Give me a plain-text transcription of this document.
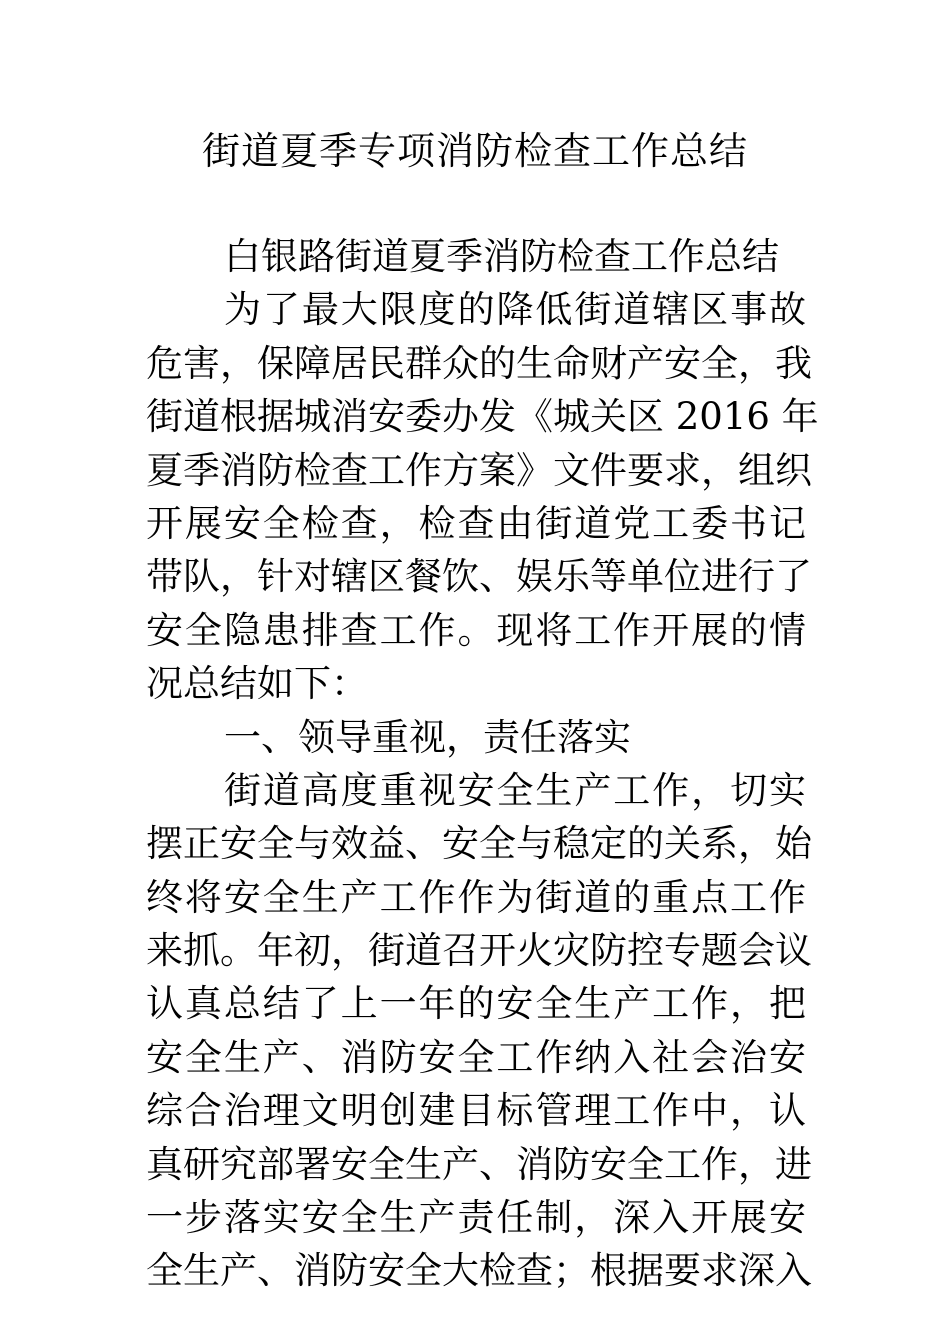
街道夏季专项消防检查工作总结
白银路街道夏季消防检查工作总结
为了最大限度的降低街道辖区事故
危害，保障居民群众的生命财产安全，我
街道根据城消安委办发《城关区 2016 年
夏季消防检查工作方案》文件要求，组织
开展安全检查，检查由街道党工委书记
带队，针对辖区餐饮、娱乐等单位进行了
安全隐患排查工作。现将工作开展的情
况总结如下：
一、领导重视，责任落实
街道高度重视安全生产工作，切实
摆正安全与效益、安全与稳定的关系，始
终将安全生产工作作为街道的重点工作
来抓。年初，街道召开火灾防控专题会议
认真总结了上一年的安全生产工作，把
安全生产、消防安全工作纳入社会治安
综合治理文明创建目标管理工作中，认
真研究部署安全生产、消防安全工作，进
一步落实安全生产责任制，深入开展安
全生产、消防安全大检查；根据要求深入
